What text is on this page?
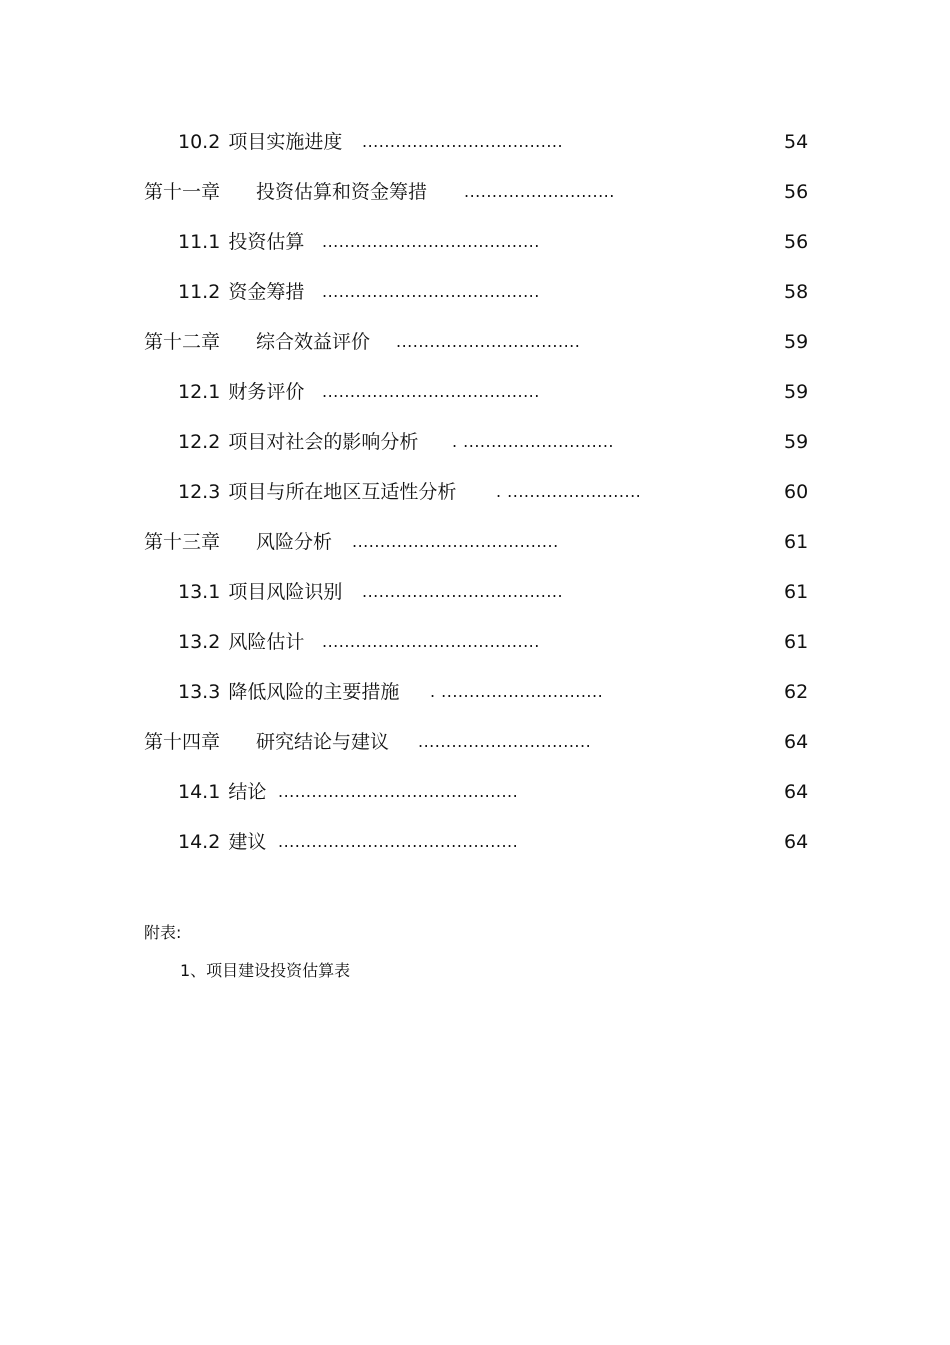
10.2 项目实施进度 ....................................	54
第十一章 投资估算和资金筹措 ...........................	56
11.1 投资估算 .......................................	56
11.2 资金筹措 .......................................	58
第十二章 综合效益评价 .................................	59
12.1 财务评价 .......................................	59
12.2 项目对社会的影响分析 . ...........................	59
12.3 项目与所在地区互适性分析 . ........................	60
第十三章 风险分析 .....................................	61
13.1 项目风险识别 ....................................	61
13.2 风险估计 .......................................	61
13.3 降低风险的主要措施 . .............................	62
第十四章 研究结论与建议 ...............................	64
14.1 结论 ...........................................	64
14.2 建议 ...........................................	64
附表:
1、项目建设投资估算表
